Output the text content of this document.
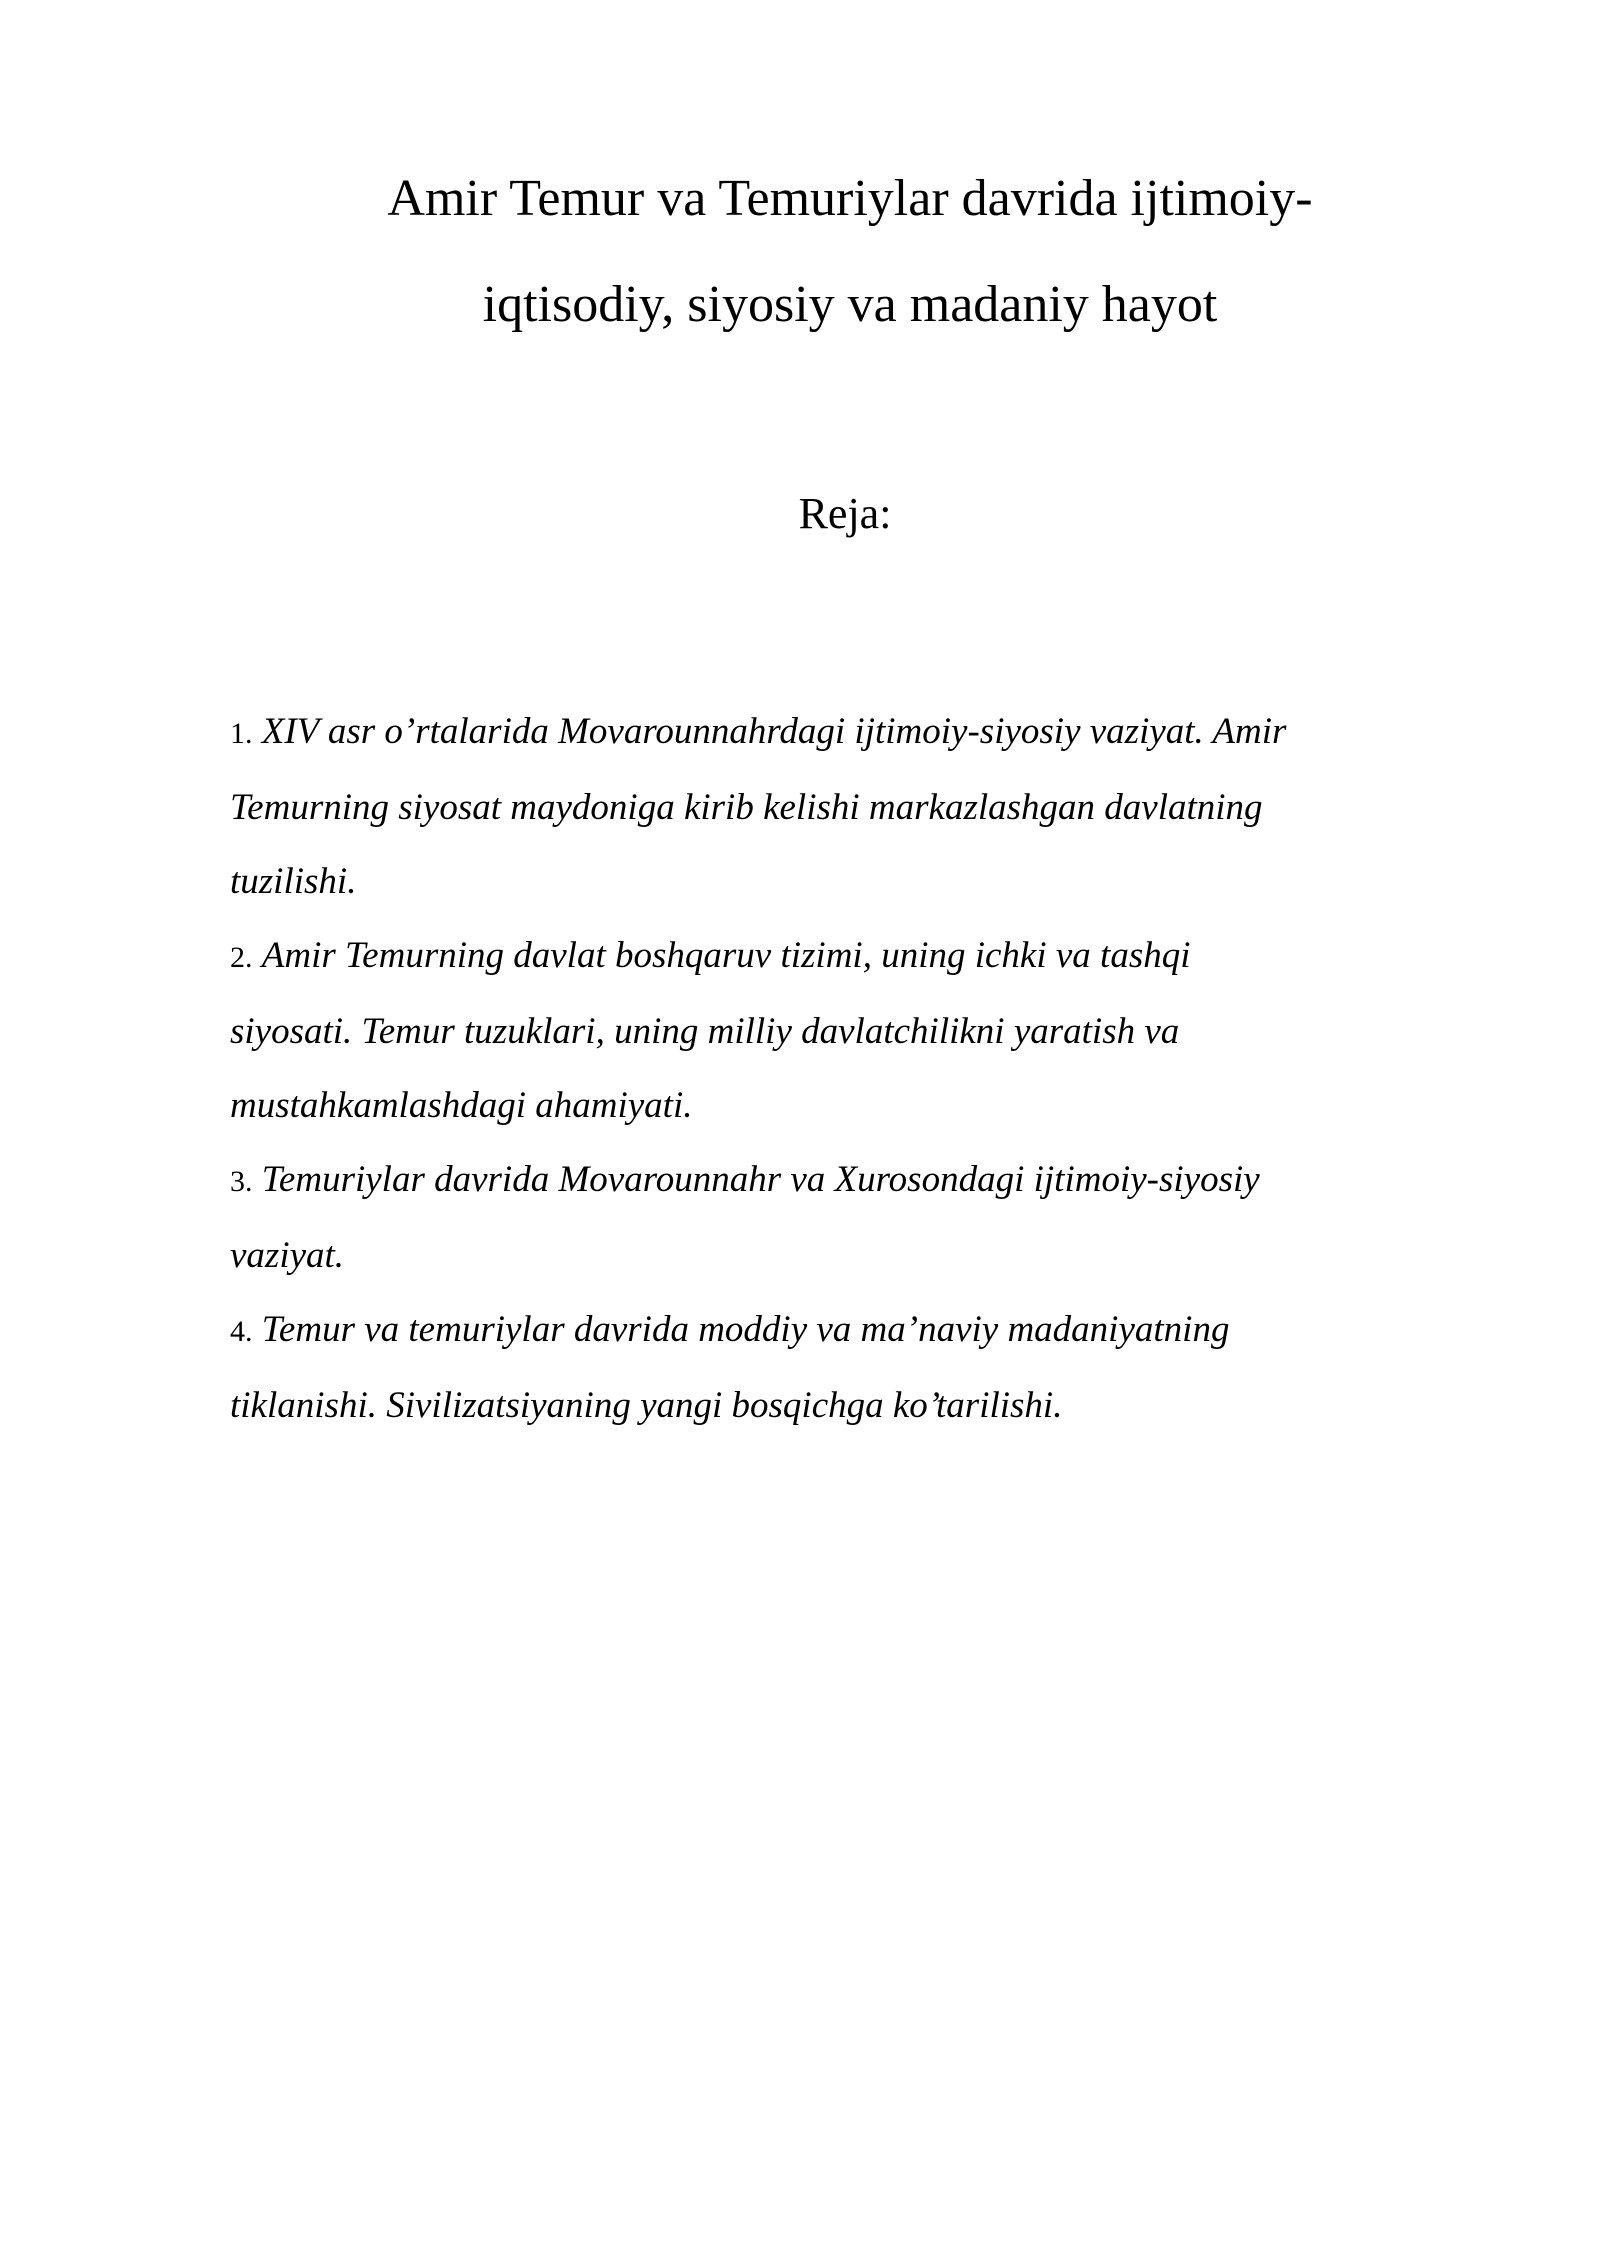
Amir Temur va Temuriylar davrida ijtimoiy-
iqtisodiy, siyosiy va madaniy hayot
Reja:
1. XIV asr o’rtalarida Movarounnahrdagi ijtimoiy-siyosiy vaziyat. Amir
Temurning siyosat maydoniga kirib kelishi markazlashgan davlatning
tuzilishi.
2. Amir Temurning davlat boshqaruv tizimi, uning ichki va tashqi
siyosati. Temur tuzuklari, uning milliy davlatchilikni yaratish va
mustahkamlashdagi ahamiyati.
3. Temuriylar davrida Movarounnahr va Xurosondagi ijtimoiy-siyosiy
vaziyat.
4. Temur va temuriylar davrida moddiy va ma’naviy madaniyatning
tiklanishi. Sivilizatsiyaning yangi bosqichga ko’tarilishi.
